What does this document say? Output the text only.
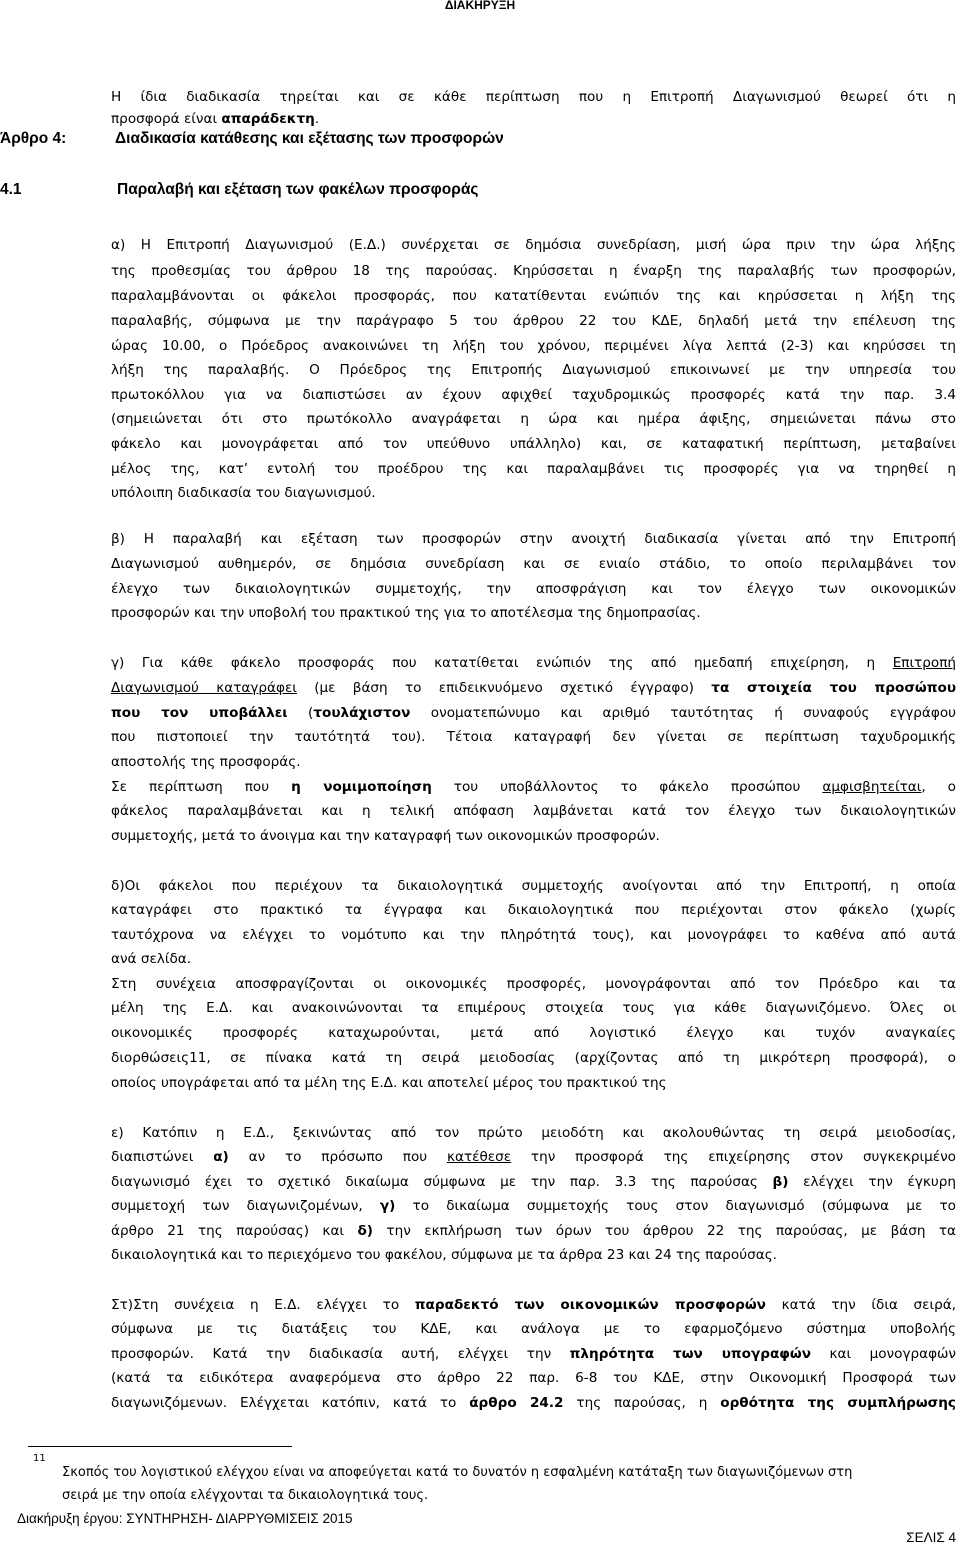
ΔΙΑΚΗΡΥΞΗ
Η ίδια διαδικασία τηρείται και σε κάθε περίπτωση που η Επιτροπή Διαγωνισμού θεωρεί ότι η
προσφορά είναι απαράδεκτη.
Άρθρο 4:	Διαδικασία κατάθεσης και εξέτασης των προσφορών
4.1	Παραλαβή και εξέταση των φακέλων προσφοράς
α) Η Επιτροπή Διαγωνισμού (Ε.Δ.) συνέρχεται σε δημόσια συνεδρίαση, μισή ώρα πριν την ώρα λήξης
της προθεσμίας του άρθρου 18 της παρούσας. Κηρύσσεται η έναρξη της παραλαβής των προσφορών,
παραλαμβάνονται οι φάκελοι προσφοράς, που κατατίθενται ενώπιόν της και κηρύσσεται η λήξη της
παραλαβής, σύμφωνα με την παράγραφο 5 του άρθρου 22 του ΚΔΕ, δηλαδή μετά την επέλευση της
ώρας 10.00, ο Πρόεδρος ανακοινώνει τη λήξη του χρόνου, περιμένει λίγα λεπτά (2-3) και κηρύσσει τη
λήξη της παραλαβής. Ο Πρόεδρος της Επιτροπής Διαγωνισμού επικοινωνεί με την υπηρεσία του
πρωτοκόλλου για να διαπιστώσει αν έχουν αφιχθεί ταχυδρομικώς προσφορές κατά την παρ. 3.4
(σημειώνεται ότι στο πρωτόκολλο αναγράφεται η ώρα και ημέρα άφιξης, σημειώνεται πάνω στο
φάκελο και μονογράφεται από τον υπεύθυνο υπάλληλο) και, σε καταφατική περίπτωση, μεταβαίνει
μέλος της, κατ’ εντολή του προέδρου της και παραλαμβάνει τις προσφορές για να τηρηθεί η
υπόλοιπη διαδικασία του διαγωνισμού.
β) Η παραλαβή και εξέταση των προσφορών στην ανοιχτή διαδικασία γίνεται από την Επιτροπή
Διαγωνισμού αυθημερόν, σε δημόσια συνεδρίαση και σε ενιαίο στάδιο, το οποίο περιλαμβάνει τον
έλεγχο των δικαιολογητικών συμμετοχής, την αποσφράγιση και τον έλεγχο των οικονομικών
προσφορών και την υποβολή του πρακτικού της για το αποτέλεσμα της δημοπρασίας.
γ) Για κάθε φάκελο προσφοράς που κατατίθεται ενώπιόν της από ημεδαπή επιχείρηση, η Επιτροπή
Διαγωνισμού καταγράφει (με βάση το επιδεικνυόμενο σχετικό έγγραφο) τα στοιχεία του προσώπου
που τον υποβάλλει (τουλάχιστον ονοματεπώνυμο και αριθμό ταυτότητας ή συναφούς εγγράφου
που πιστοποιεί την ταυτότητά του). Τέτοια καταγραφή δεν γίνεται σε περίπτωση ταχυδρομικής
αποστολής της προσφοράς.
Σε περίπτωση που η νομιμοποίηση του υποβάλλοντος το φάκελο προσώπου αμφισβητείται, ο
φάκελος παραλαμβάνεται και η τελική απόφαση λαμβάνεται κατά τον έλεγχο των δικαιολογητικών
συμμετοχής, μετά το άνοιγμα και την καταγραφή των οικονομικών προσφορών.
δ)Οι φάκελοι που περιέχουν τα δικαιολογητικά συμμετοχής ανοίγονται από την Επιτροπή, η οποία
καταγράφει στο πρακτικό τα έγγραφα και δικαιολογητικά που περιέχονται στον φάκελο (χωρίς
ταυτόχρονα να ελέγχει το νομότυπο και την πληρότητά τους), και μονογράφει το καθένα από αυτά
ανά σελίδα.
Στη συνέχεια αποσφραγίζονται οι οικονομικές προσφορές, μονογράφονται από τον Πρόεδρο και τα
μέλη της Ε.Δ. και ανακοινώνονται τα επιμέρους στοιχεία τους για κάθε διαγωνιζόμενο. Όλες οι
οικονομικές προσφορές καταχωρούνται, μετά από λογιστικό έλεγχο και τυχόν αναγκαίες
διορθώσεις11, σε πίνακα κατά τη σειρά μειοδοσίας (αρχίζοντας από τη μικρότερη προσφορά), ο
οποίος υπογράφεται από τα μέλη της Ε.Δ. και αποτελεί μέρος του πρακτικού της
ε) Κατόπιν η Ε.Δ., ξεκινώντας από τον πρώτο μειοδότη και ακολουθώντας τη σειρά μειοδοσίας,
διαπιστώνει α) αν το πρόσωπο που κατέθεσε την προσφορά της επιχείρησης στον συγκεκριμένο
διαγωνισμό έχει το σχετικό δικαίωμα σύμφωνα με την παρ. 3.3 της παρούσας β) ελέγχει την έγκυρη
συμμετοχή των διαγωνιζομένων, γ) το δικαίωμα συμμετοχής τους στον διαγωνισμό (σύμφωνα με το
άρθρο 21 της παρούσας) και δ) την εκπλήρωση των όρων του άρθρου 22 της παρούσας, με βάση τα
δικαιολογητικά και το περιεχόμενο του φακέλου, σύμφωνα με τα άρθρα 23 και 24 της παρούσας.
Στ)Στη συνέχεια η Ε.Δ. ελέγχει το παραδεκτό των οικονομικών προσφορών κατά την ίδια σειρά,
σύμφωνα με τις διατάξεις του ΚΔΕ, και ανάλογα με το εφαρμοζόμενο σύστημα υποβολής
προσφορών. Κατά την διαδικασία αυτή, ελέγχει την πληρότητα των υπογραφών και μονογραφών
(κατά τα ειδικότερα αναφερόμενα στο άρθρο 22 παρ. 6-8 του ΚΔΕ, στην Οικονομική Προσφορά των
διαγωνιζόμενων. Ελέγχεται κατόπιν, κατά το άρθρο 24.2 της παρούσας, η ορθότητα της συμπλήρωσης
11
Σκοπός του λογιστικού ελέγχου είναι να αποφεύγεται κατά το δυνατόν η εσφαλμένη κατάταξη των διαγωνιζόμενων στη
σειρά με την οποία ελέγχονται τα δικαιολογητικά τους.
Διακήρυξη έργου: ΣΥΝΤΗΡΗΣΗ- ΔΙΑΡΡΥΘΜΙΣΕΙΣ 2015
ΣΕΛΙΣ 4
